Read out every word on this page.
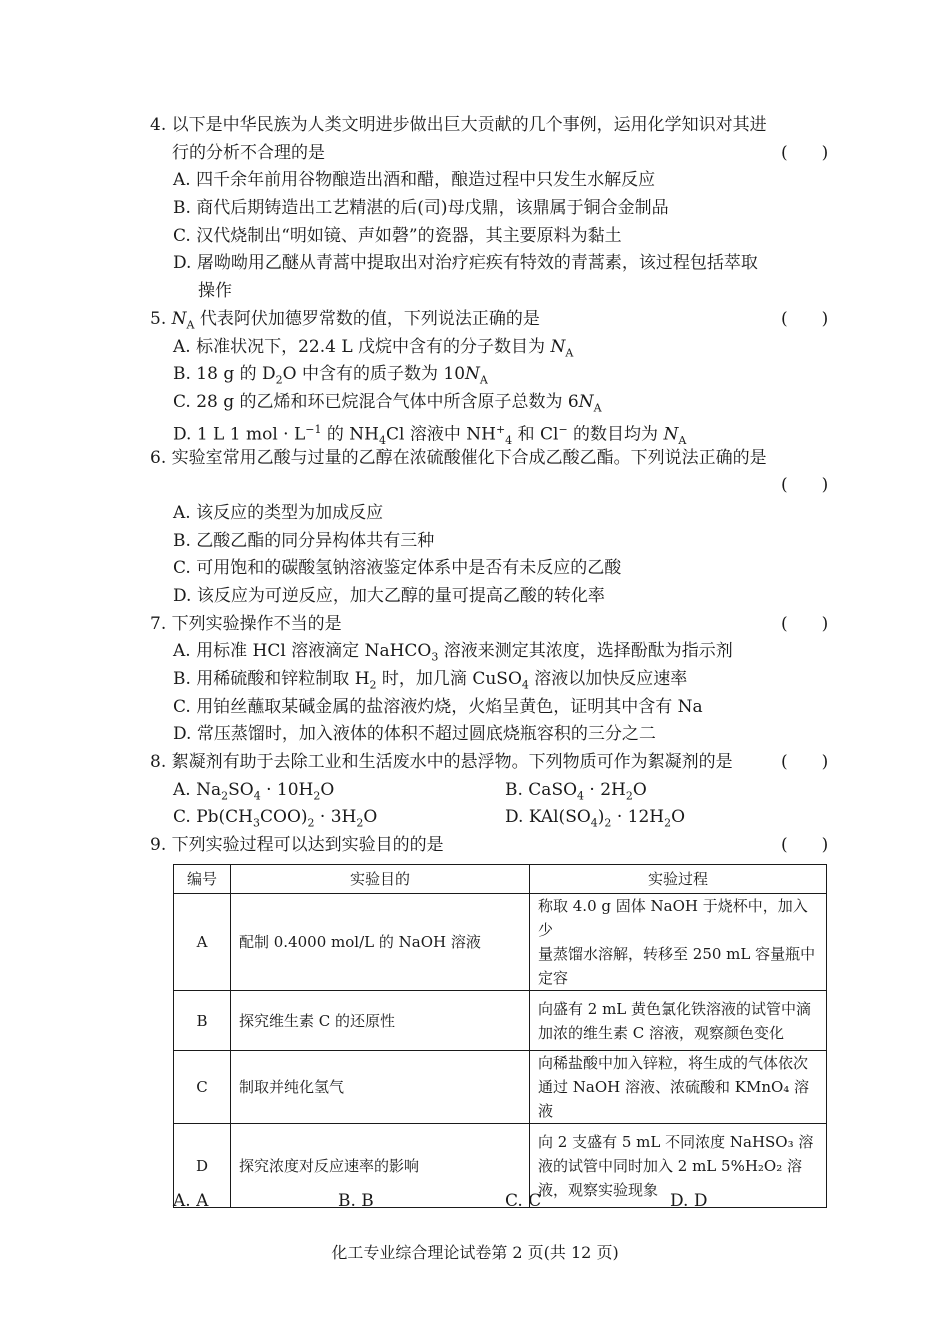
4. 以下是中华民族为人类文明进步做出巨大贡献的几个事例，运用化学知识对其进
行的分析不合理的是	(　　)
A. 四千余年前用谷物酿造出酒和醋，酿造过程中只发生水解反应
B. 商代后期铸造出工艺精湛的后(司)母戊鼎，该鼎属于铜合金制品
C. 汉代烧制出“明如镜、声如磬”的瓷器，其主要原料为黏土
D. 屠呦呦用乙醚从青蒿中提取出对治疗疟疾有特效的青蒿素，该过程包括萃取
操作
5. $N_A$ 代表阿伏加德罗常数的值，下列说法正确的是	(　　)
A. 标准状况下，22.4 L 戊烷中含有的分子数目为 $N_A$
B. 18 g 的 $D_2O$ 中含有的质子数为 $10N_A$
C. 28 g 的乙烯和环已烷混合气体中所含原子总数为 $6N_A$
D. 1 L 1 mol · $L^{-1}$ 的 $NH_4Cl$ 溶液中 $NH^+_4$ 和 Cl− 的数目均为 $N_A$
6. 实验室常用乙酸与过量的乙醇在浓硫酸催化下合成乙酸乙酯。下列说法正确的是
(　　)
A. 该反应的类型为加成反应
B. 乙酸乙酯的同分异构体共有三种
C. 可用饱和的碳酸氢钠溶液鉴定体系中是否有未反应的乙酸
D. 该反应为可逆反应，加大乙醇的量可提高乙酸的转化率
7. 下列实验操作不当的是	(　　)
A. 用标准 HCl 溶液滴定 NaHCO$_3$ 溶液来测定其浓度，选择酚酞为指示剂
B. 用稀硫酸和锌粒制取 $H_2$ 时，加几滴 CuSO$_4$ 溶液以加快反应速率
C. 用铂丝蘸取某碱金属的盐溶液灼烧，火焰呈黄色，证明其中含有 Na
D. 常压蒸馏时，加入液体的体积不超过圆底烧瓶容积的三分之二
8. 絮凝剂有助于去除工业和生活废水中的悬浮物。下列物质可作为絮凝剂的是	(　　)
A. $Na_2SO_4 \cdot 10H_2O$	B. CaSO$_4$ · $2H_2O$
C. $Pb(CH_3COO)_2 \cdot 3H_2O$	D. $KAl(SO_4)_2 \cdot 12H_2O$
9. 下列实验过程可以达到实验目的的是	(　　)
编号	实验目的	实验过程
A	配制 0.4000 mol/L 的 NaOH 溶液	称取 4.0 g 固体 NaOH 于烧杯中，加入少
量蒸馏水溶解，转移至 250 mL 容量瓶中
定容

B	探究维生素 C 的还原性	向盛有 2 mL 黄色氯化铁溶液的试管中滴
加浓的维生素 C 溶液，观察颜色变化

C	制取并纯化氢气	向稀盐酸中加入锌粒，将生成的气体依次
通过 NaOH 溶液、浓硫酸和 KMnO₄ 溶液

D	探究浓度对反应速率的影响	向 2 支盛有 5 mL 不同浓度 NaHSO₃ 溶
液的试管中同时加入 2 mL 5%H₂O₂ 溶
液，观察实验现象
A. A	B. B	C. C	D. D
化工专业综合理论试卷第 2 页(共 12 页)
